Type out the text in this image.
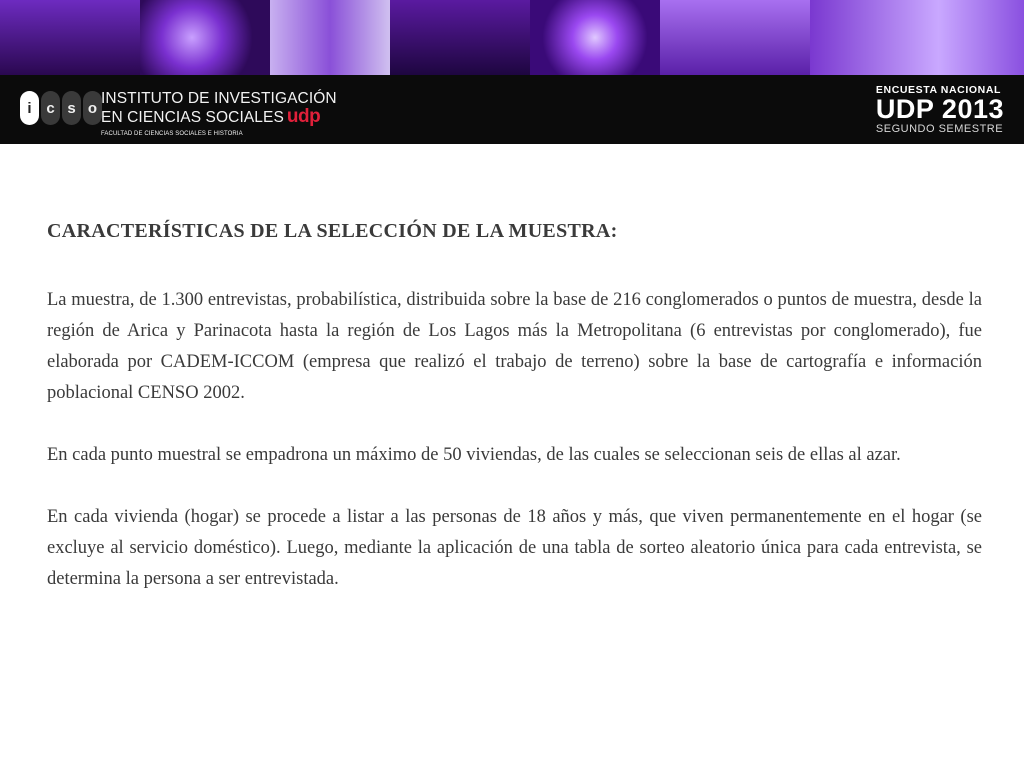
i c s o
INSTITUTO DE INVESTIGACIÓN
EN CIENCIAS SOCIALES udp
FACULTAD DE CIENCIAS SOCIALES E HISTORIA
ENCUESTA NACIONAL
UDP 2013
SEGUNDO SEMESTRE
CARACTERÍSTICAS DE LA SELECCIÓN DE LA MUESTRA:

La muestra, de 1.300 entrevistas, probabilística, distribuida sobre la base de 216 conglomerados o puntos de muestra, desde la región de Arica y Parinacota hasta la región de Los Lagos más la Metropolitana (6 entrevistas por conglomerado), fue elaborada por CADEM-ICCOM (empresa que realizó el trabajo de terreno) sobre la base de cartografía e información poblacional CENSO 2002.

En cada punto muestral se empadrona un máximo de 50 viviendas, de las cuales se seleccionan seis de ellas al azar.

En cada vivienda (hogar) se procede a listar a las personas de 18 años y más, que viven permanentemente en el hogar (se excluye al servicio doméstico). Luego, mediante la aplicación de una tabla de sorteo aleatorio única para cada entrevista, se determina la persona a ser entrevistada.
